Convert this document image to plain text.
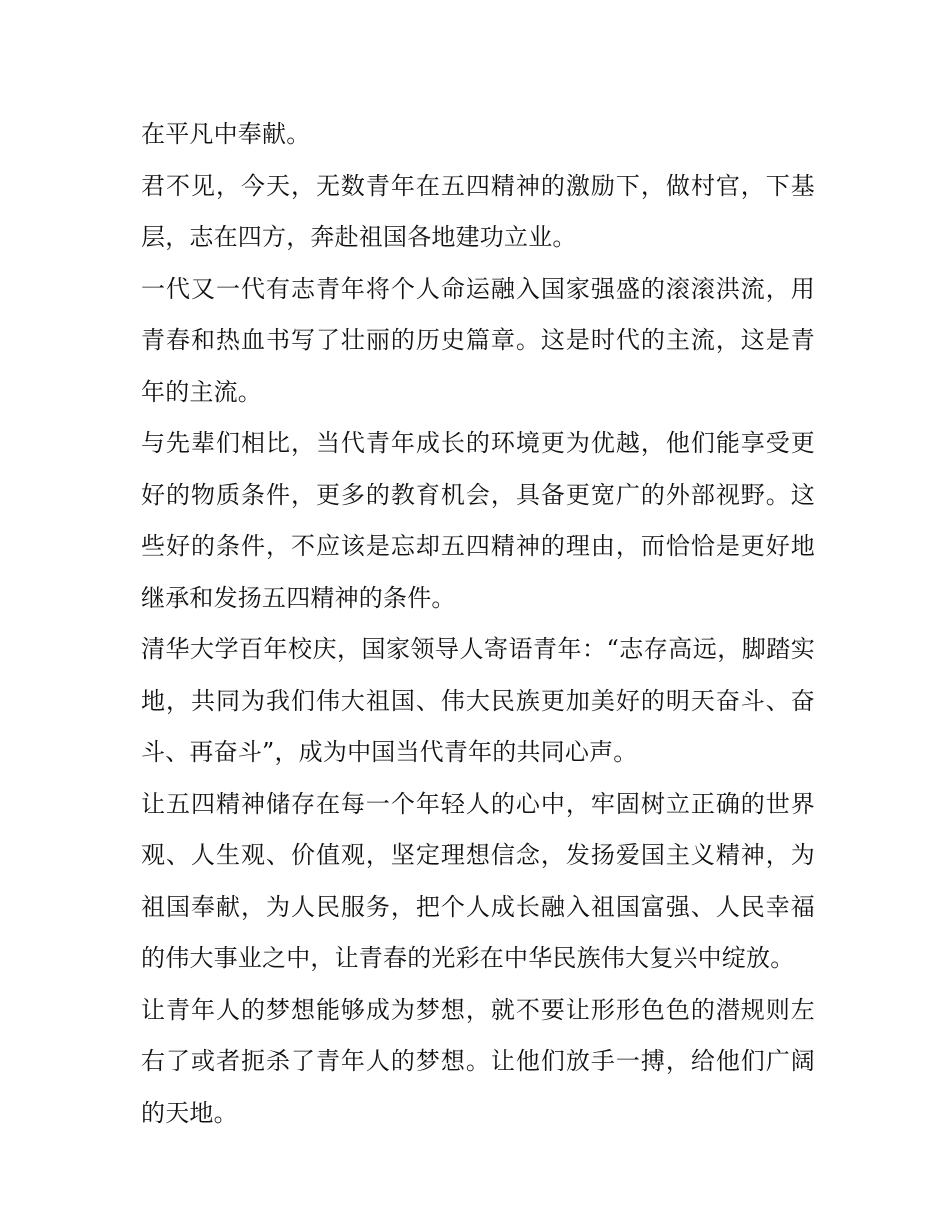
在平凡中奉献。

君不见，今天，无数青年在五四精神的激励下，做村官，下基层，志在四方，奔赴祖国各地建功立业。

一代又一代有志青年将个人命运融入国家强盛的滚滚洪流，用青春和热血书写了壮丽的历史篇章。这是时代的主流，这是青年的主流。

与先辈们相比，当代青年成长的环境更为优越，他们能享受更好的物质条件，更多的教育机会，具备更宽广的外部视野。这些好的条件，不应该是忘却五四精神的理由，而恰恰是更好地继承和发扬五四精神的条件。

清华大学百年校庆，国家领导人寄语青年：“志存高远，脚踏实地，共同为我们伟大祖国、伟大民族更加美好的明天奋斗、奋斗、再奋斗”，成为中国当代青年的共同心声。

让五四精神储存在每一个年轻人的心中，牢固树立正确的世界观、人生观、价值观，坚定理想信念，发扬爱国主义精神，为祖国奉献，为人民服务，把个人成长融入祖国富强、人民幸福的伟大事业之中，让青春的光彩在中华民族伟大复兴中绽放。

让青年人的梦想能够成为梦想，就不要让形形色色的潜规则左右了或者扼杀了青年人的梦想。让他们放手一搏，给他们广阔的天地。
